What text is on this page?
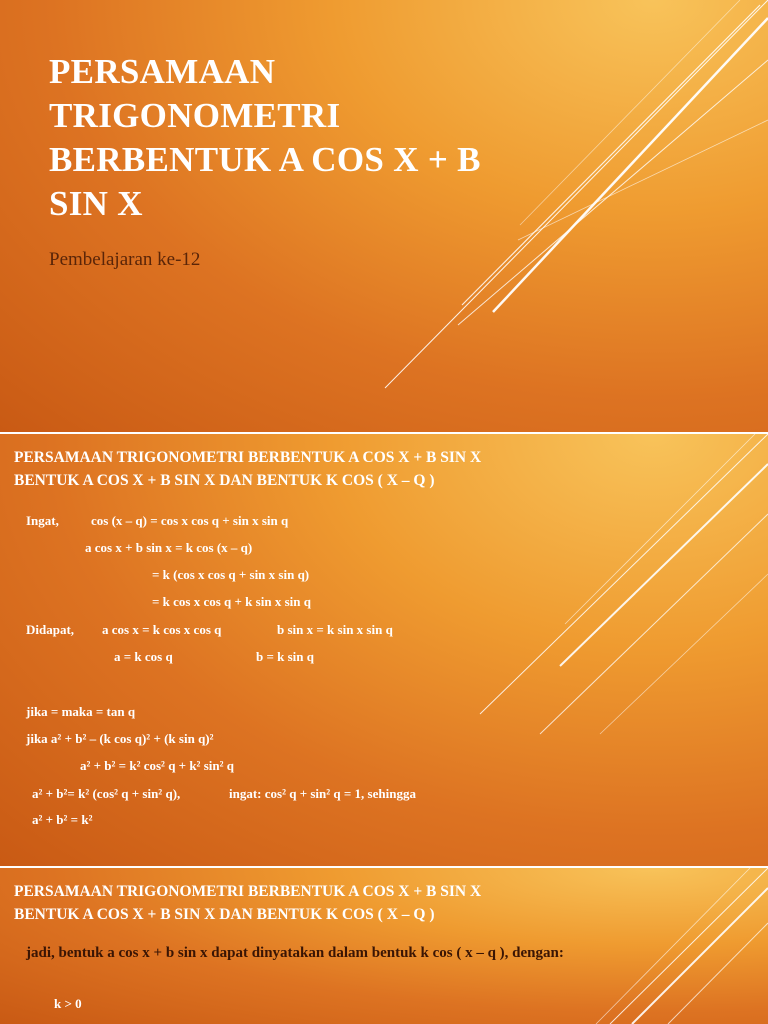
PERSAMAAN
TRIGONOMETRI
BERBENTUK A COS X + B
SIN X

Pembelajaran ke-12

PERSAMAAN TRIGONOMETRI BERBENTUK A COS X + B SIN X
BENTUK A COS X + B SIN X DAN BENTUK K COS ( X – Q )
Ingat, cos (x – q) = cos x cos q + sin x sin q
a cos x + b sin x = k cos (x – q)
= k (cos x cos q + sin x sin q)
= k cos x cos q + k sin x sin q
Didapat, a cos x = k cos x cos q	b sin x = k sin x sin q
a = k cos q	b = k sin q
jika = maka = tan q
jika a² + b² – (k cos q)² + (k sin q)²
a² + b² = k² cos² q + k² sin² q
a² + b²= k² (cos² q + sin² q),	ingat: cos² q + sin² q = 1, sehingga
a² + b² = k²
PERSAMAAN TRIGONOMETRI BERBENTUK A COS X + B SIN X
BENTUK A COS X + B SIN X DAN BENTUK K COS ( X – Q )
jadi, bentuk a cos x + b sin x dapat dinyatakan dalam bentuk k cos ( x – q ), dengan:
k > 0
